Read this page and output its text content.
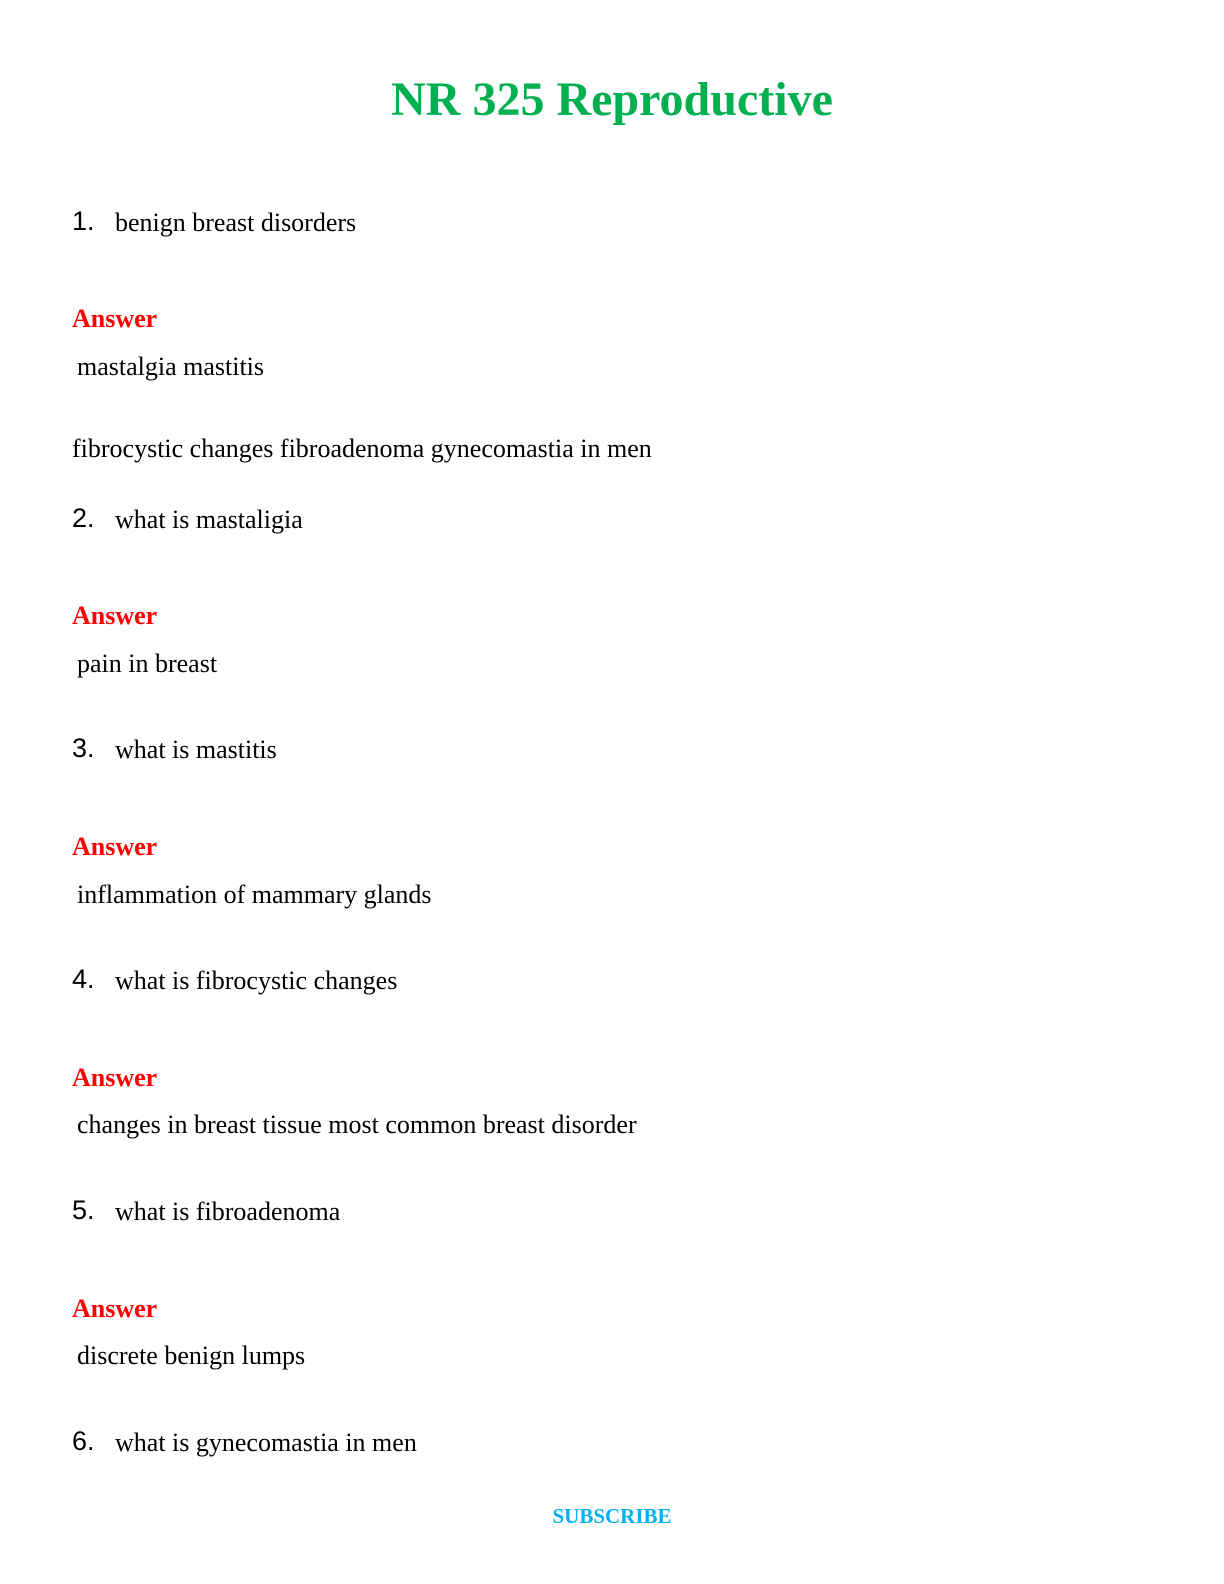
NR 325 Reproductive
1. benign breast disorders
Answer
mastalgia mastitis
fibrocystic changes fibroadenoma gynecomastia in men
2. what is mastaligia
Answer
pain in breast
3. what is mastitis
Answer
inflammation of mammary glands
4. what is fibrocystic changes
Answer
changes in breast tissue most common breast disorder
5. what is fibroadenoma
Answer
discrete benign lumps
6. what is gynecomastia in men
SUBSCRIBE
